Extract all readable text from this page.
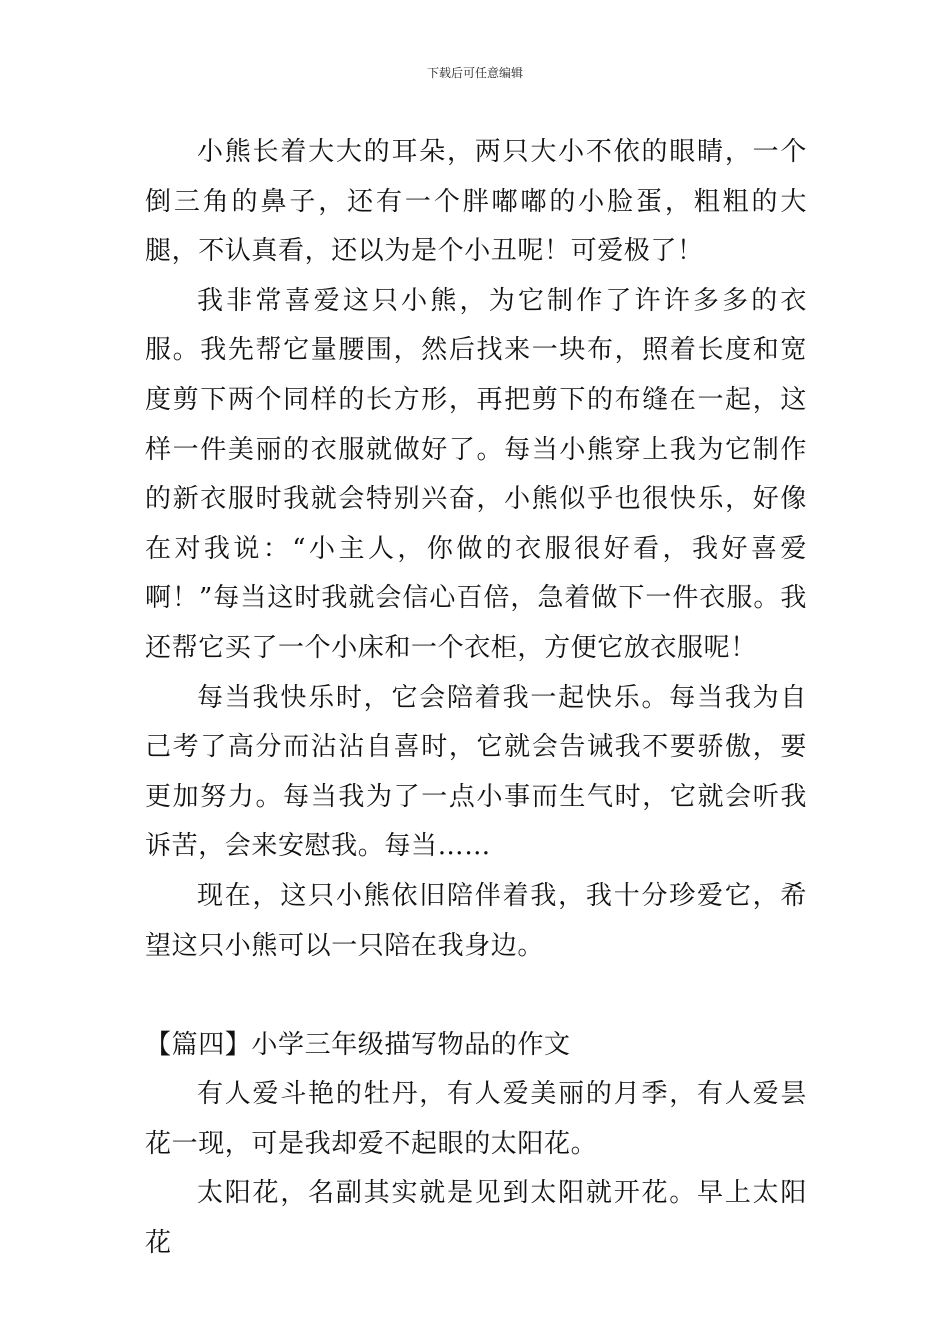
下载后可任意编辑

小熊长着大大的耳朵，两只大小不依的眼睛，一个倒三角的鼻子，还有一个胖嘟嘟的小脸蛋，粗粗的大腿，不认真看，还以为是个小丑呢！可爱极了！

我非常喜爱这只小熊，为它制作了许许多多的衣服。我先帮它量腰围，然后找来一块布，照着长度和宽度剪下两个同样的长方形，再把剪下的布缝在一起，这样一件美丽的衣服就做好了。每当小熊穿上我为它制作的新衣服时我就会特别兴奋，小熊似乎也很快乐，好像在对我说：“小主人，你做的衣服很好看，我好喜爱啊！”每当这时我就会信心百倍，急着做下一件衣服。我还帮它买了一个小床和一个衣柜，方便它放衣服呢！

每当我快乐时，它会陪着我一起快乐。每当我为自己考了高分而沾沾自喜时，它就会告诫我不要骄傲，要更加努力。每当我为了一点小事而生气时，它就会听我诉苦，会来安慰我。每当……

现在，这只小熊依旧陪伴着我，我十分珍爱它，希望这只小熊可以一只陪在我身边。

【篇四】小学三年级描写物品的作文

有人爱斗艳的牡丹，有人爱美丽的月季，有人爱昙花一现，可是我却爱不起眼的太阳花。

太阳花，名副其实就是见到太阳就开花。早上太阳花
